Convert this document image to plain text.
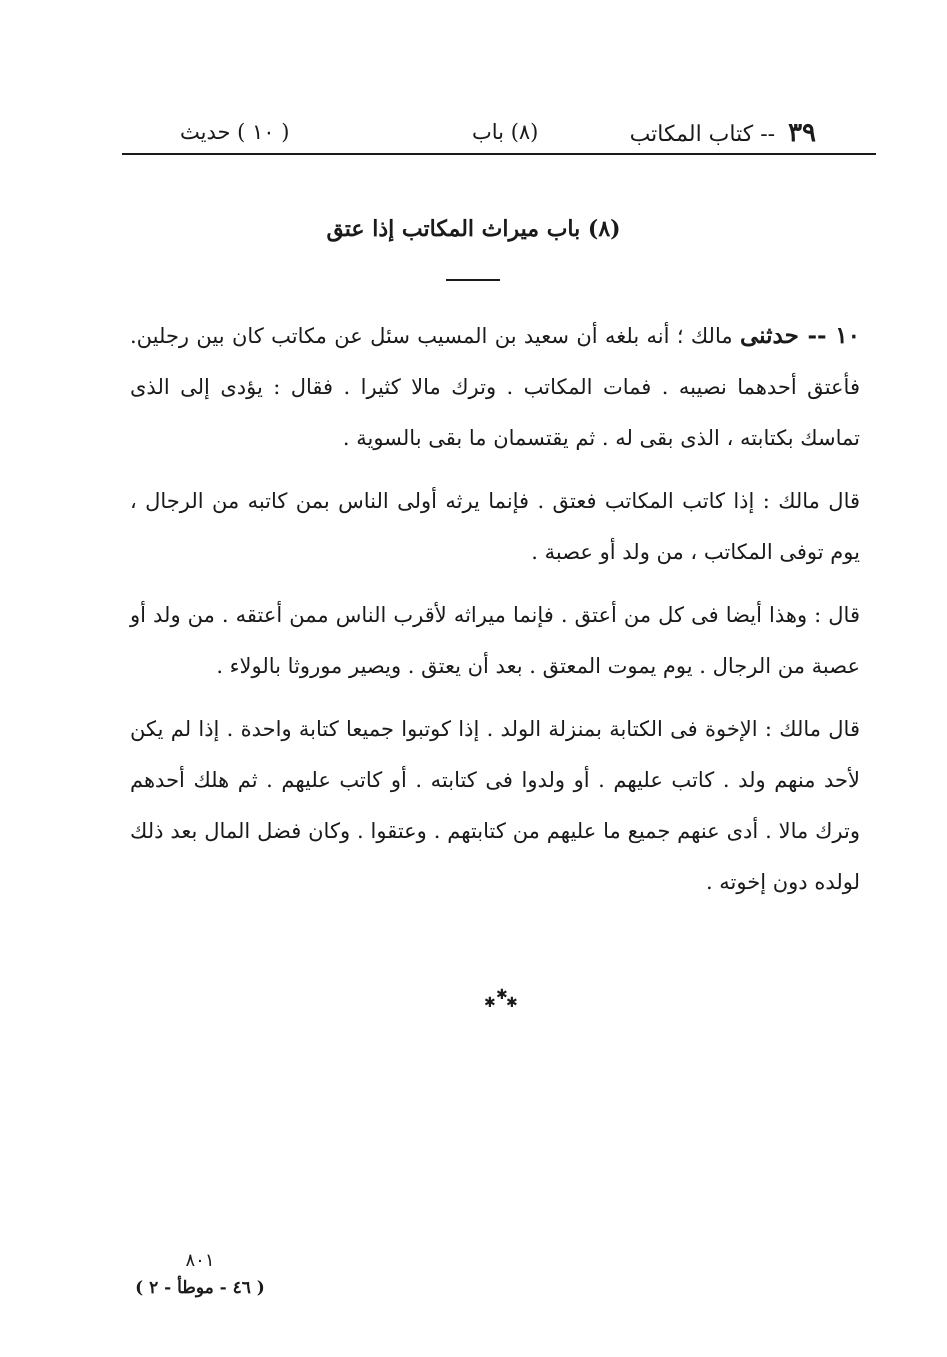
٣٩ -- كتاب المكاتب
(٨) باب
( ١٠ ) حديث
(٨) باب ميراث المكاتب إذا عتق

١٠ -- حدثنى مالك ؛ أنه بلغه أن سعيد بن المسيب سئل عن مكاتب كان بين رجلين. فأعتق أحدهما نصيبه . فمات المكاتب . وترك مالا كثيرا . فقال : يؤدى إلى الذى تماسك بكتابته ، الذى بقى له . ثم يقتسمان ما بقى بالسوية .

قال مالك : إذا كاتب المكاتب فعتق . فإنما يرثه أولى الناس بمن كاتبه من الرجال ، يوم توفى المكاتب ، من ولد أو عصبة .

قال : وهذا أيضا فى كل من أعتق . فإنما ميراثه لأقرب الناس ممن أعتقه . من ولد أو عصبة من الرجال . يوم يموت المعتق . بعد أن يعتق . ويصير موروثا بالولاء .

قال مالك : الإخوة فى الكتابة بمنزلة الولد . إذا كوتبوا جميعا كتابة واحدة . إذا لم يكن لأحد منهم ولد . كاتب عليهم . أو ولدوا فى كتابته . أو كاتب عليهم . ثم هلك أحدهم وترك مالا . أدى عنهم جميع ما عليهم من كتابتهم . وعتقوا . وكان فضل المال بعد ذلك لولده دون إخوته .

✱
✱ ✱
٨٠١
( ٤٦ - موطأ - ٢ )
